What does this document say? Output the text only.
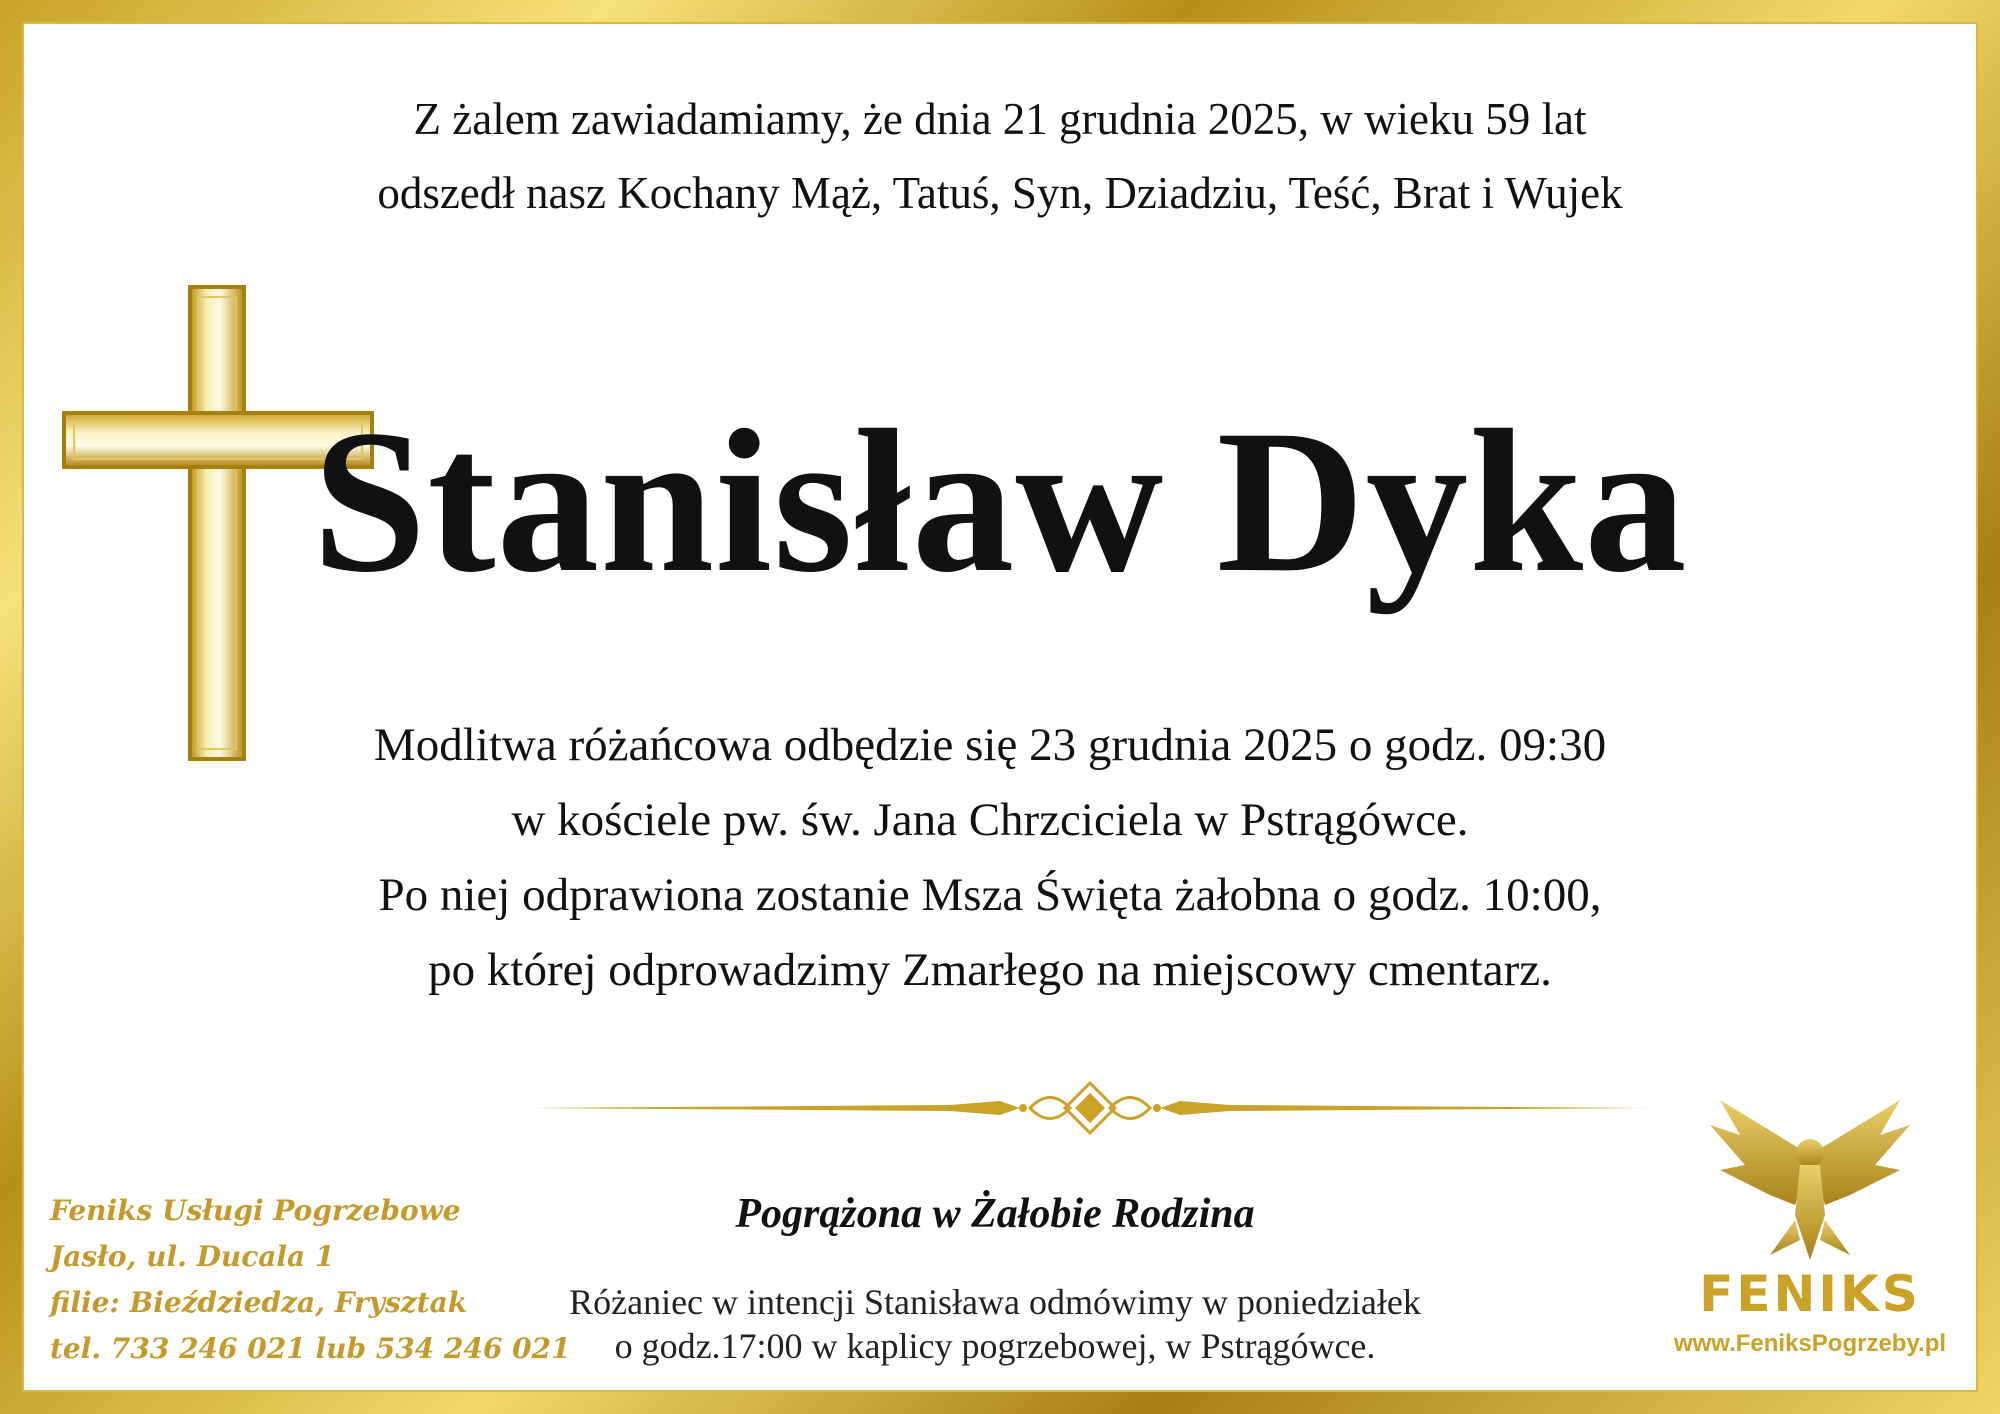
Z żalem zawiadamiamy, że dnia 21 grudnia 2025, w wieku 59 lat
odszedł nasz Kochany Mąż, Tatuś, Syn, Dziadziu, Teść, Brat i Wujek
Stanisław Dyka
Modlitwa różańcowa odbędzie się 23 grudnia 2025 o godz. 09:30
w kościele pw. św. Jana Chrzciciela w Pstrągówce.
Po niej odprawiona zostanie Msza Święta żałobna o godz. 10:00,
po której odprowadzimy Zmarłego na miejscowy cmentarz.
Pogrążona w Żałobie Rodzina
Różaniec w intencji Stanisława odmówimy w poniedziałek
o godz.17:00 w kaplicy pogrzebowej, w Pstrągówce.
Feniks Usługi Pogrzebowe
Jasło, ul. Ducala 1
filie: Bieździedza, Frysztak
tel. 733 246 021 lub 534 246 021
FENIKS
www.FeniksPogrzeby.pl
